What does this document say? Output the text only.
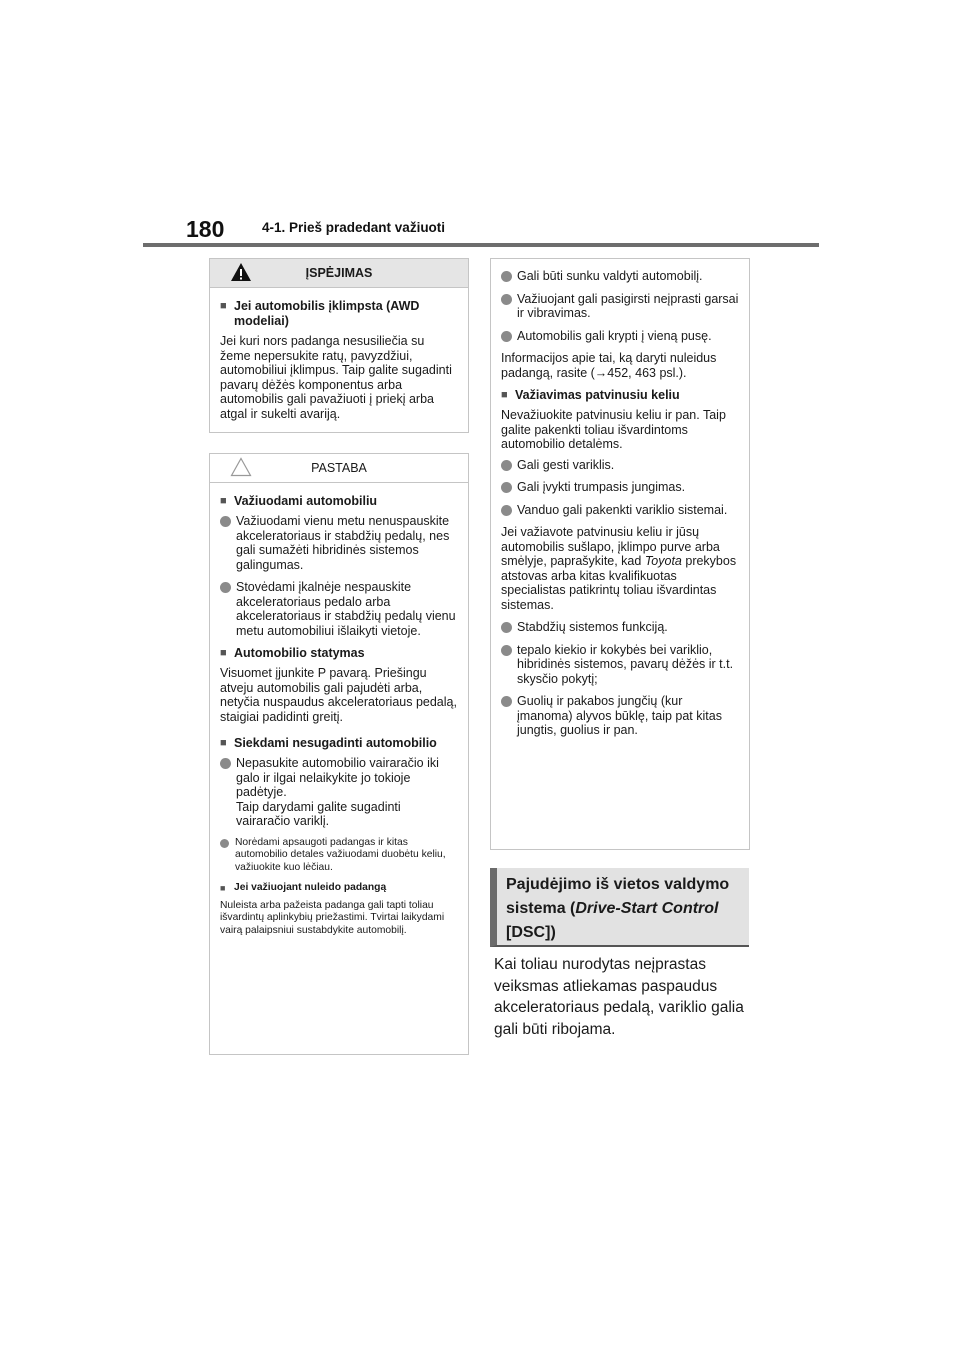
180	4-1. Prieš pradedant važiuoti
ĮSPĖJIMAS
■ Jei automobilis įklimpsta (AWD modeliai)
Jei kuri nors padanga nesusiliečia su žeme nepersukite ratų, pavyzdžiui, automobiliui įklimpus. Taip galite sugadinti pavarų dėžės komponentus arba automobilis gali pavažiuoti į priekį arba atgal ir sukelti avariją.
PASTABA
■ Važiuodami automobiliu
Važiuodami vienu metu nenuspauskite akceleratoriaus ir stabdžių pedalų, nes gali sumažėti hibridinės sistemos galingumas.
Stovėdami įkalnėje nespauskite akceleratoriaus pedalo arba akceleratoriaus ir stabdžių pedalų vienu metu automobiliui išlaikyti vietoje.
■ Automobilio statymas
Visuomet įjunkite P pavarą. Priešingu atveju automobilis gali pajudėti arba, netyčia nuspaudus akceleratoriaus pedalą, staigiai padidinti greitį.
■ Siekdami nesugadinti automobilio
Nepasukite automobilio vairaračio iki galo ir ilgai nelaikykite jo tokioje padėtyje.
Taip darydami galite sugadinti vairaračio variklį.
Norėdami apsaugoti padangas ir kitas automobilio detales važiuodami duobėtu keliu, važiuokite kuo lėčiau.
■ Jei važiuojant nuleido padangą
Nuleista arba pažeista padanga gali tapti toliau išvardintų aplinkybių priežastimi. Tvirtai laikydami vairą palaipsniui sustabdykite automobilį.
Gali būti sunku valdyti automobilį.
Važiuojant gali pasigirsti neįprasti garsai ir vibravimas.
Automobilis gali krypti į vieną pusę.
Informacijos apie tai, ką daryti nuleidus padangą, rasite (→452, 463 psl.).
■ Važiavimas patvinusiu keliu
Nevažiuokite patvinusiu keliu ir pan. Taip galite pakenkti toliau išvardintoms automobilio detalėms.
Gali gesti variklis.
Gali įvykti trumpasis jungimas.
Vanduo gali pakenkti variklio sistemai.
Jei važiavote patvinusiu keliu ir jūsų automobilis sušlapo, įklimpo purve arba smėlyje, paprašykite, kad Toyota prekybos atstovas arba kitas kvalifikuotas specialistas patikrintų toliau išvardintas sistemas.
Stabdžių sistemos funkciją.
tepalo kiekio ir kokybės bei variklio, hibridinės sistemos, pavarų dėžės ir t.t. skysčio pokytį;
Guolių ir pakabos jungčių (kur įmanoma) alyvos būklę, taip pat kitas jungtis, guolius ir pan.
Pajudėjimo iš vietos valdymo sistema (Drive-Start Control [DSC])
Kai toliau nurodytas neįprastas veiksmas atliekamas paspaudus akceleratoriaus pedalą, variklio galia gali būti ribojama.
